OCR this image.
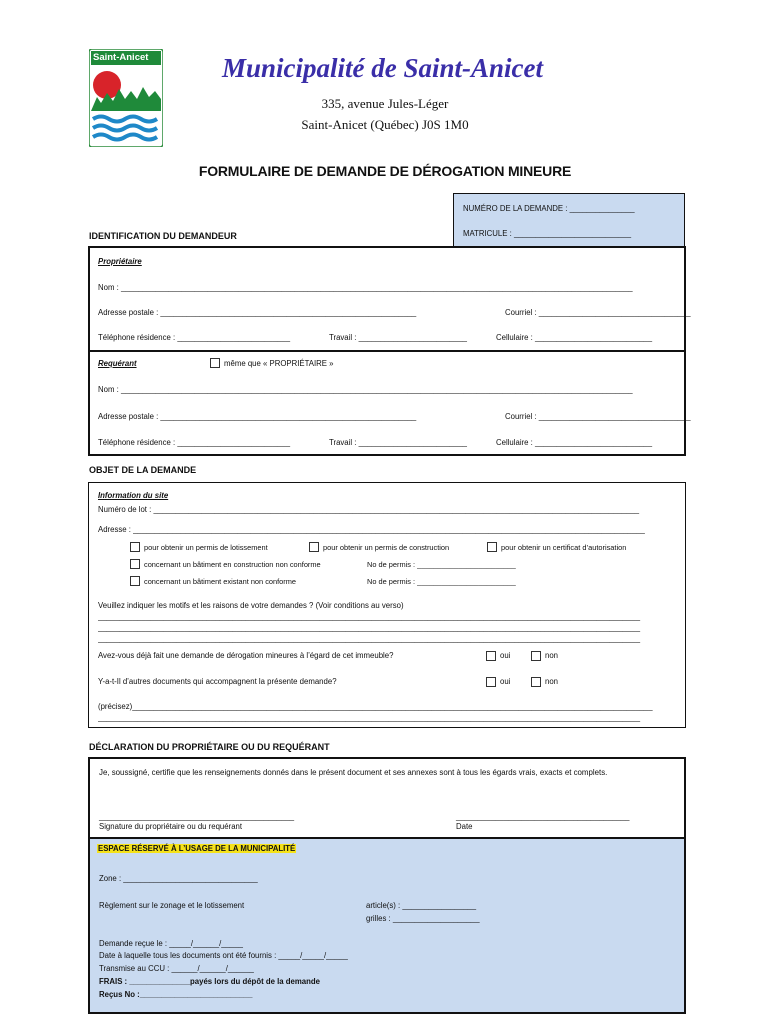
Saint-Anicet	Municipalité de Saint-Anicet
335, avenue Jules-Léger
Saint-Anicet (Québec) J0S 1M0
FORMULAIRE DE DEMANDE DE DÉROGATION MINEURE
NUMÉRO DE LA DEMANDE : _______________
MATRICULE : ___________________________
IDENTIFICATION DU DEMANDEUR
Propriétaire
Nom : ______________________________________________________________________________________________________________________
Adresse postale : ___________________________________________________________	Courriel : ___________________________________
Téléphone résidence : __________________________	Travail : _________________________	Cellulaire : ___________________________
Requérant	même que « PROPRIÉTAIRE »
Nom : ______________________________________________________________________________________________________________________
Adresse postale : ___________________________________________________________	Courriel : ___________________________________
Téléphone résidence : __________________________	Travail : _________________________	Cellulaire : ___________________________
OBJET DE LA DEMANDE
Information du site
Numéro de lot : ________________________________________________________________________________________________________________
Adresse : ______________________________________________________________________________________________________________________
pour obtenir un permis de lotissement	pour obtenir un permis de construction	pour obtenir un certificat d’autorisation
concernant un bâtiment en construction non conforme	No de permis : ________________________
concernant un bâtiment existant non conforme	No de permis : ________________________
Veuillez indiquer les motifs et les raisons de votre demandes ? (Voir conditions au verso)
_____________________________________________________________________________________________________________________________
_____________________________________________________________________________________________________________________________
_____________________________________________________________________________________________________________________________
Avez-vous déjà fait une demande de dérogation mineures à l’égard de cet immeuble?	oui	non
Y-a-t-Il d’autres documents qui accompagnent la présente demande?	oui	non
(précisez)________________________________________________________________________________________________________________________
_____________________________________________________________________________________________________________________________
DÉCLARATION DU PROPRIÉTAIRE OU DU REQUÉRANT
Je, soussigné, certifie que les renseignements donnés dans le présent document et ses annexes sont à tous les égards vrais, exacts et complets.
_____________________________________________	________________________________________
Signature du propriétaire ou du requérant	Date
ESPACE RÉSERVÉ À L’USAGE DE LA MUNICIPALITÉ
Zone : _______________________________
Règlement sur le zonage et le lotissement	article(s) : _________________
grilles : ____________________
Demande reçue le : _____/______/_____
Date à laquelle tous les documents ont été fournis : _____/_____/_____
Transmise au CCU : ______/______/______
FRAIS : ______________payés lors du dépôt de la demande
Reçus No :__________________________
